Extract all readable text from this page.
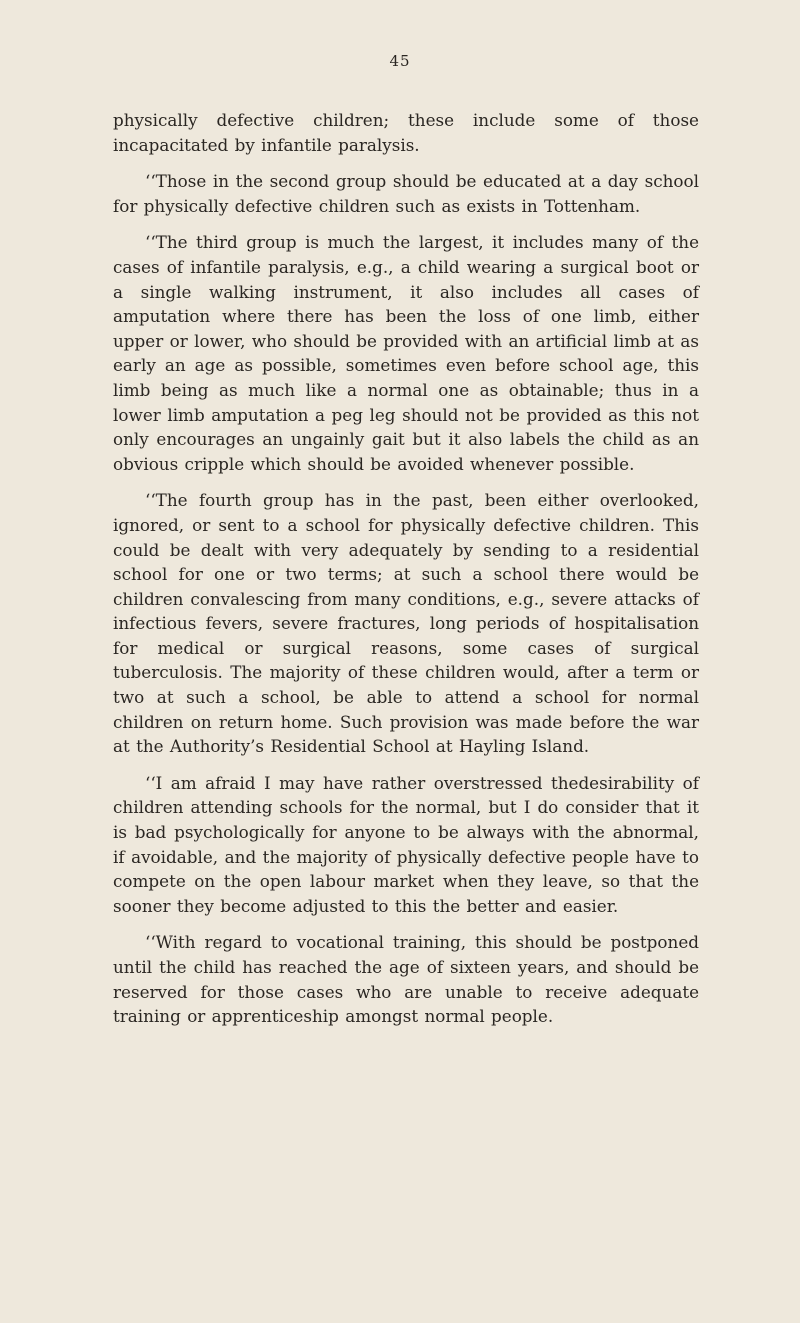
45

physically defective children; these include some of those incapacitated by infantile paralysis.

‘‘Those in the second group should be educated at a day school for physically defective children such as exists in Tottenham.

‘‘The third group is much the largest, it includes many of the cases of infantile paralysis, e.g., a child wearing a surgical boot or a single walking instrument, it also includes all cases of amputation where there has been the loss of one limb, either upper or lower, who should be provided with an artificial limb at as early an age as possible, sometimes even before school age, this limb being as much like a normal one as obtainable; thus in a lower limb amputation a peg leg should not be provided as this not only encourages an ungainly gait but it also labels the child as an obvious cripple which should be avoided whenever possible.

‘‘The fourth group has in the past, been either overlooked, ignored, or sent to a school for physically defective children. This could be dealt with very adequately by sending to a residential school for one or two terms; at such a school there would be children convalescing from many conditions, e.g., severe attacks of infectious fevers, severe fractures, long periods of hospitalisation for medical or surgical reasons, some cases of surgical tuberculosis. The majority of these children would, after a term or two at such a school, be able to attend a school for normal children on return home. Such provision was made before the war at the Authority’s Residential School at Hayling Island.

‘‘I am afraid I may have rather overstressed thedesirability of children attending schools for the normal, but I do consider that it is bad psychologically for anyone to be always with the abnormal, if avoidable, and the majority of physically defective people have to compete on the open labour market when they leave, so that the sooner they become adjusted to this the better and easier.

‘‘With regard to vocational training, this should be postponed until the child has reached the age of sixteen years, and should be reserved for those cases who are unable to receive adequate training or apprenticeship amongst normal people.
